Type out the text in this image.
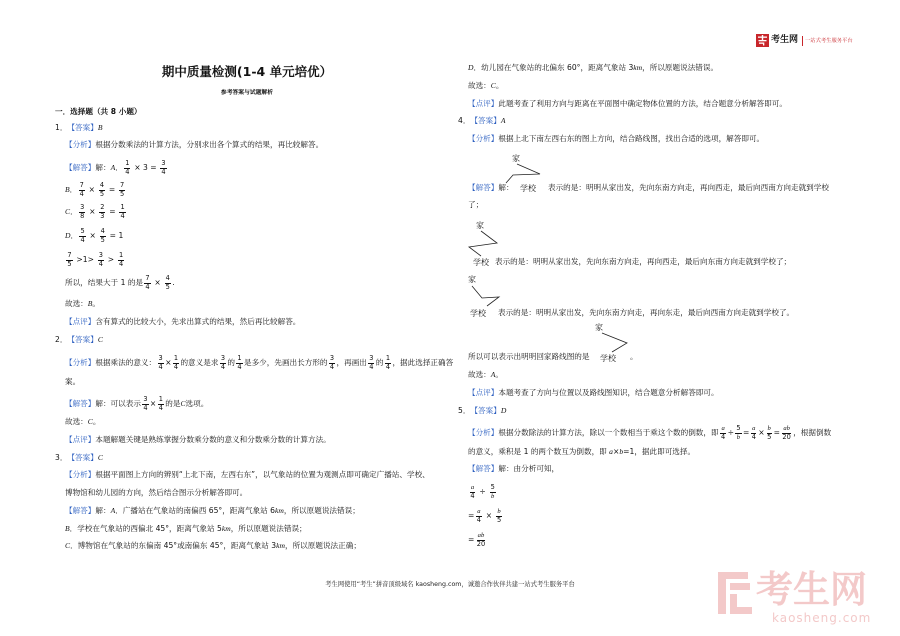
考生网 一站式考生服务平台
期中质量检测(1-4 单元培优）
参考答案与试题解析
一．选择题（共 8 小题）
1． 【答案】 B
【分析】 根据分数乘法的计算方法，分别求出各个算式的结果，再比较解答。
【解答】 解： A ． $\frac{1}{4} \times 3 = \frac{3}{4}$
B ． $\frac{7}{4} \times \frac{4}{5} = \frac{7}{5}$
C ． $\frac{3}{8} \times \frac{2}{3} = \frac{1}{4}$
D ． $\frac{5}{4} \times \frac{4}{5} = 1$
$\frac{7}{5} >1> \frac{3}{4} > \frac{1}{4}$
所以，结果大于 1 的是 $\frac{7}{4} \times \frac{4}{5}$ .
故选： B 。
【点评】 含有算式的比较大小，先求出算式的结果，然后再比较解答。
2． 【答案】 C
【分析】 根据乘法的意义： $\frac{3}{4} \times \frac{1}{4}$ 的意义是求 $\frac{3}{4}$ 的 $\frac{1}{4}$ 是多少，先画出长方形的 $\frac{3}{4}$ ，再画出 $\frac{3}{4}$ 的 $\frac{1}{4}$ ，据此选择正确答
案。
【解答】 解：可以表示 $\frac{3}{4} \times \frac{1}{4}$ 的是 C 选项。
故选： C 。
【点评】 本题解题关键是熟练掌握分数乘分数的意义和分数乘分数的计算方法。
3． 【答案】 C
【分析】 根据平面图上方向的辨别“上北下南，左西右东”，以气象站的位置为观测点即可确定广播站、学校、
博物馆和幼儿园的方向，然后结合图示分析解答即可。
【解答】 解： A ．广播站在气象站的南偏西 65°，距离气象站 6 km ，所以原题说法错误；
B ．学校在气象站的西偏北 45°，距离气象站 5 km ，所以原题说法错误；
C ．博物馆在气象站的东偏南 45°或南偏东 45°，距离气象站 3 km ，所以原题说法正确；
D ．幼儿园在气象站的北偏东 60°，距离气象站 3 km ，所以原题说法错误。
故选： C 。
【点评】 此题考查了利用方向与距离在平面图中确定物体位置的方法，结合题意分析解答即可。
4． 【答案】 A
【分析】 根据上北下南左西右东的图上方向，结合路线图，找出合适的选项，解答即可。
【解答】 解：	表示的是：明明从家出发，先向东南方向走，再向西走，最后向西南方向走就到学校
了；
表示的是：明明从家出发，先向东南方向走，再向西走，最后向东南方向走就到学校了；
表示的是：明明从家出发，先向东南方向走，再向东走，最后向西南方向走就到学校了。
所以可以表示出明明回家路线图的是	。
故选： A 。
【点评】 本题考查了方向与位置以及路线图知识，结合题意分析解答即可。
5． 【答案】 D
【分析】 根据分数除法的计算方法，除以一个数相当于乘这个数的倒数，即 $\frac{a}{4} \div \frac{5}{b} = \frac{a}{4} \times \frac{b}{5} = \frac{ab}{20}$ ，根据倒数
的意义，乘积是 1 的两个数互为倒数，即 a × b =1，据此即可选择。
【解答】 解：由分析可知，
$\frac{a}{4} \div \frac{5}{b}$
= $\frac{a}{4} \times \frac{b}{5}$
= $\frac{ab}{20}$
家
学校
家
学校
家
学校
家
学校
考生网使用“考生”拼音顶级域名 kaosheng.com，诚邀合作伙伴共建一站式考生服务平台	考生网
kaosheng.com
